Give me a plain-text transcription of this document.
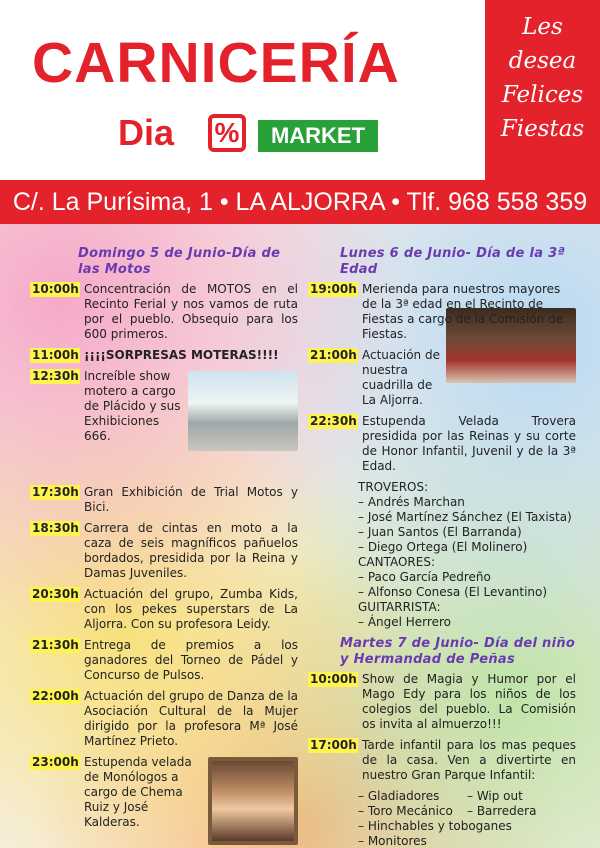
CARNICERÍA
Dia %	MARKET
Les
desea
Felices
Fiestas
C/. La Purísima, 1 • LA ALJORRA • Tlf. 968 558 359
Domingo 5 de Junio-Día de las Motos
10:00h Concentración de MOTOS en el Recinto Ferial y nos vamos de ruta por el pueblo. Obsequio para los 600 primeros.
11:00h ¡¡¡¡SORPRESAS MOTERAS!!!!
12:30h Increíble show motero a cargo de Plácido y sus Exhibiciones 666.
17:30h Gran Exhibición de Trial Motos y Bici.
18:30h Carrera de cintas en moto a la caza de seis magníficos pañuelos bordados, presidida por la Reina y Damas Juveniles.
20:30h Actuación del grupo, Zumba Kids, con los pekes superstars de La Aljorra. Con su profesora Leidy.
21:30h Entrega de premios a los ganadores del Torneo de Pádel y Concurso de Pulsos.
22:00h Actuación del grupo de Danza de la Asociación Cultural de la Mujer dirigido por la profesora Mª José Martínez Prieto.
23:00h Estupenda velada de Monólogos a cargo de Chema Ruiz y José Kalderas.
Lunes 6 de Junio- Día de la 3ª Edad
19:00h Merienda para nuestros mayores de la 3ª edad en el Recinto de Fiestas a cargo de la Comisión de Fiestas.
21:00h Actuación de nuestra cuadrilla de La Aljorra.
22:30h Estupenda Velada Trovera presidida por las Reinas y su corte de Honor Infantil, Juvenil y de la 3ª Edad.
TROVEROS:
– Andrés Marchan
– José Martínez Sánchez (El Taxista)
– Juan Santos (El Barranda)
– Diego Ortega (El Molinero)
CANTAORES:
– Paco García Pedreño
– Alfonso Conesa (El Levantino)
GUITARRISTA:
– Ángel Herrero
Martes 7 de Junio- Día del niño y Hermandad de Peñas
10:00h Show de Magia y Humor por el Mago Edy para los niños de los colegios del pueblo. La Comisión os invita al almuerzo!!!
17:00h Tarde infantil para los mas peques de la casa. Ven a divertirte en nuestro Gran Parque Infantil:
– Gladiadores	– Wip out
– Toro Mecánico	– Barredera
– Hinchables y toboganes
– Monitores
